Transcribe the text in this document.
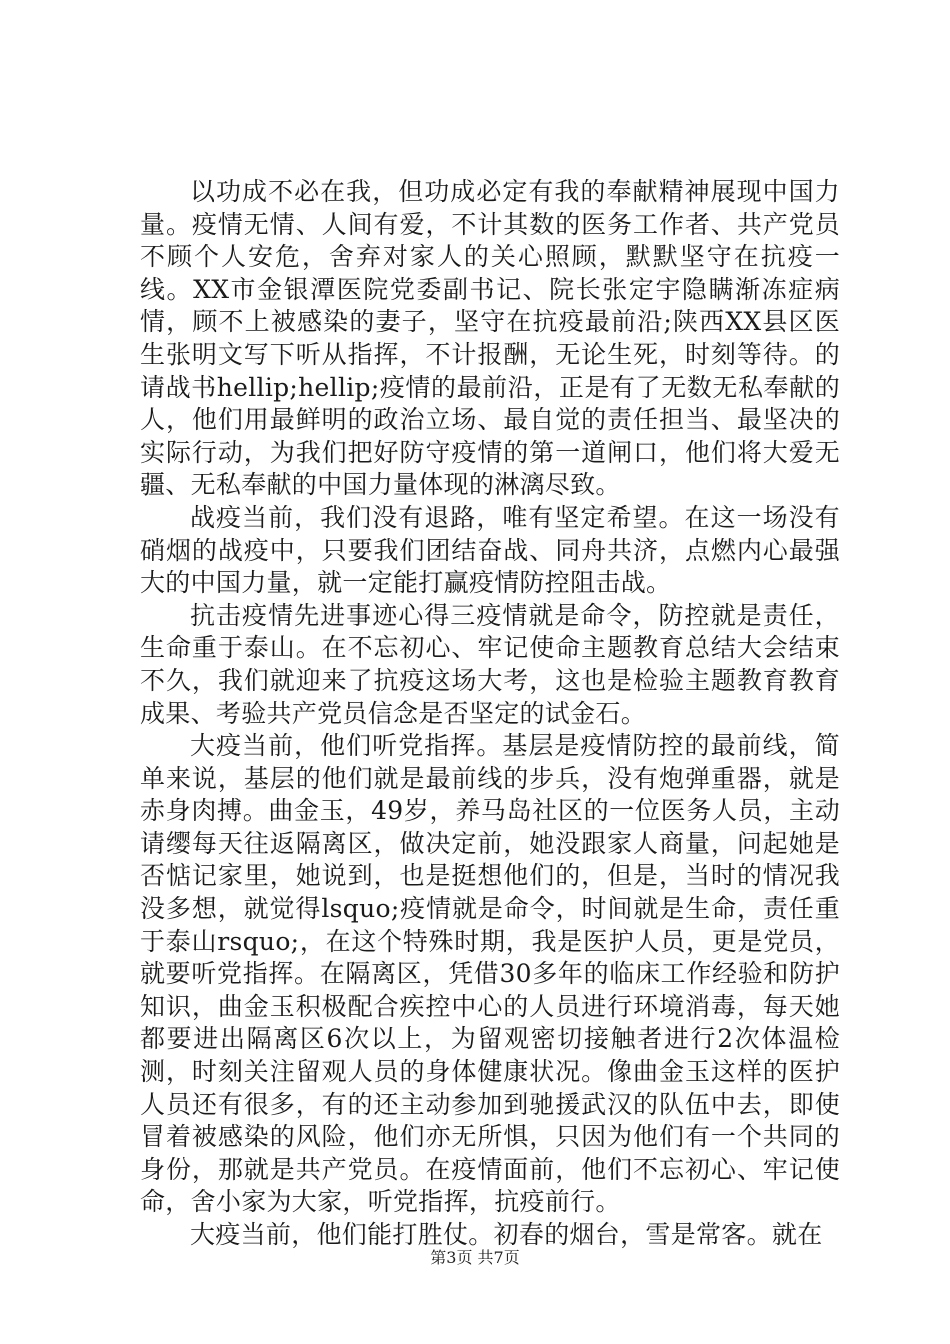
以功成不必在我，但功成必定有我的奉献精神展现中国力量。疫情无情、人间有爱，不计其数的医务工作者、共产党员不顾个人安危，舍弃对家人的关心照顾，默默坚守在抗疫一线。XX市金银潭医院党委副书记、院长张定宇隐瞒渐冻症病情，顾不上被感染的妻子，坚守在抗疫最前沿;陕西XX县区医生张明文写下听从指挥，不计报酬，无论生死，时刻等待。的请战书hellip;hellip;疫情的最前沿，正是有了无数无私奉献的人，他们用最鲜明的政治立场、最自觉的责任担当、最坚决的实际行动，为我们把好防守疫情的第一道闸口，他们将大爱无疆、无私奉献的中国力量体现的淋漓尽致。

战疫当前，我们没有退路，唯有坚定希望。在这一场没有硝烟的战疫中，只要我们团结奋战、同舟共济，点燃内心最强大的中国力量，就一定能打赢疫情防控阻击战。

抗击疫情先进事迹心得三疫情就是命令，防控就是责任，生命重于泰山。在不忘初心、牢记使命主题教育总结大会结束不久，我们就迎来了抗疫这场大考，这也是检验主题教育教育成果、考验共产党员信念是否坚定的试金石。

大疫当前，他们听党指挥。基层是疫情防控的最前线，简单来说，基层的他们就是最前线的步兵，没有炮弹重器，就是赤身肉搏。曲金玉，49岁，养马岛社区的一位医务人员，主动请缨每天往返隔离区，做决定前，她没跟家人商量，问起她是否惦记家里，她说到，也是挺想他们的，但是，当时的情况我没多想，就觉得lsquo;疫情就是命令，时间就是生命，责任重于泰山rsquo;，在这个特殊时期，我是医护人员，更是党员，就要听党指挥。在隔离区，凭借30多年的临床工作经验和防护知识，曲金玉积极配合疾控中心的人员进行环境消毒，每天她都要进出隔离区6次以上，为留观密切接触者进行2次体温检测，时刻关注留观人员的身体健康状况。像曲金玉这样的医护人员还有很多，有的还主动参加到驰援武汉的队伍中去，即使冒着被感染的风险，他们亦无所惧，只因为他们有一个共同的身份，那就是共产党员。在疫情面前，他们不忘初心、牢记使命，舍小家为大家，听党指挥，抗疫前行。

大疫当前，他们能打胜仗。初春的烟台，雪是常客。就在

第3页 共7页
